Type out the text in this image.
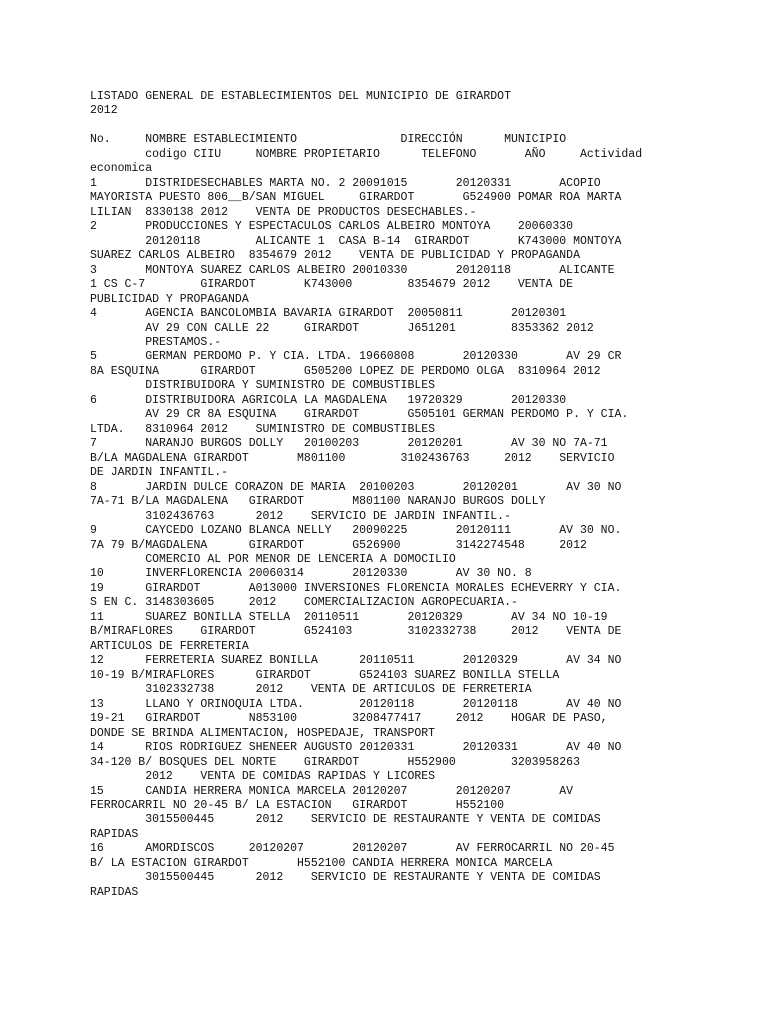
LISTADO GENERAL DE ESTABLECIMIENTOS DEL MUNICIPIO DE GIRARDOT
2012
No.     NOMBRE ESTABLECIMIENTO               DIRECCIÓN      MUNICIPIO
codigo CIIU     NOMBRE PROPIETARIO      TELEFONO       AÑO     Actividad
economica
1       DISTRIDESECHABLES MARTA NO. 2 20091015       20120331       ACOPIO
MAYORISTA PUESTO 806__B/SAN MIGUEL     GIRARDOT       G524900 POMAR ROA MARTA
LILIAN  8330138 2012    VENTA DE PRODUCTOS DESECHABLES.-
2       PRODUCCIONES Y ESPECTACULOS CARLOS ALBEIRO MONTOYA    20060330
20120118        ALICANTE 1  CASA B-14  GIRARDOT       K743000 MONTOYA
SUAREZ CARLOS ALBEIRO  8354679 2012    VENTA DE PUBLICIDAD Y PROPAGANDA
3       MONTOYA SUAREZ CARLOS ALBEIRO 20010330       20120118       ALICANTE
1 CS C-7        GIRARDOT       K743000        8354679 2012    VENTA DE
PUBLICIDAD Y PROPAGANDA
4       AGENCIA BANCOLOMBIA BAVARIA GIRARDOT  20050811       20120301
AV 29 CON CALLE 22     GIRARDOT       J651201        8353362 2012
PRESTAMOS.-
5       GERMAN PERDOMO P. Y CIA. LTDA. 19660808       20120330       AV 29 CR
8A ESQUINA      GIRARDOT       G505200 LOPEZ DE PERDOMO OLGA  8310964 2012
DISTRIBUIDORA Y SUMINISTRO DE COMBUSTIBLES
6       DISTRIBUIDORA AGRICOLA LA MAGDALENA   19720329       20120330
AV 29 CR 8A ESQUINA    GIRARDOT       G505101 GERMAN PERDOMO P. Y CIA.
LTDA.   8310964 2012    SUMINISTRO DE COMBUSTIBLES
7       NARANJO BURGOS DOLLY   20100203       20120201       AV 30 NO 7A-71
B/LA MAGDALENA GIRARDOT       M801100        3102436763     2012    SERVICIO
DE JARDIN INFANTIL.-
8       JARDIN DULCE CORAZON DE MARIA  20100203       20120201       AV 30 NO
7A-71 B/LA MAGDALENA   GIRARDOT       M801100 NARANJO BURGOS DOLLY
3102436763      2012    SERVICIO DE JARDIN INFANTIL.-
9       CAYCEDO LOZANO BLANCA NELLY   20090225       20120111       AV 30 NO.
7A 79 B/MAGDALENA      GIRARDOT       G526900        3142274548     2012
COMERCIO AL POR MENOR DE LENCERIA A DOMOCILIO
10      INVERFLORENCIA 20060314       20120330       AV 30 NO. 8
19      GIRARDOT       A013000 INVERSIONES FLORENCIA MORALES ECHEVERRY Y CIA.
S EN C. 3148303605     2012    COMERCIALIZACION AGROPECUARIA.-
11      SUAREZ BONILLA STELLA  20110511       20120329       AV 34 NO 10-19
B/MIRAFLORES    GIRARDOT       G524103        3102332738     2012    VENTA DE
ARTICULOS DE FERRETERIA
12      FERRETERIA SUAREZ BONILLA      20110511       20120329       AV 34 NO
10-19 B/MIRAFLORES      GIRARDOT       G524103 SUAREZ BONILLA STELLA
3102332738      2012    VENTA DE ARTICULOS DE FERRETERIA
13      LLANO Y ORINOQUIA LTDA.        20120118       20120118       AV 40 NO
19-21   GIRARDOT       N853100        3208477417     2012    HOGAR DE PASO,
DONDE SE BRINDA ALIMENTACION, HOSPEDAJE, TRANSPORT
14      RIOS RODRIGUEZ SHENEER AUGUSTO 20120331       20120331       AV 40 NO
34-120 B/ BOSQUES DEL NORTE    GIRARDOT       H552900        3203958263
2012    VENTA DE COMIDAS RAPIDAS Y LICORES
15      CANDIA HERRERA MONICA MARCELA 20120207       20120207       AV
FERROCARRIL NO 20-45 B/ LA ESTACION   GIRARDOT       H552100
3015500445      2012    SERVICIO DE RESTAURANTE Y VENTA DE COMIDAS
RAPIDAS
16      AMORDISCOS     20120207       20120207       AV FERROCARRIL NO 20-45
B/ LA ESTACION GIRARDOT       H552100 CANDIA HERRERA MONICA MARCELA
3015500445      2012    SERVICIO DE RESTAURANTE Y VENTA DE COMIDAS
RAPIDAS
